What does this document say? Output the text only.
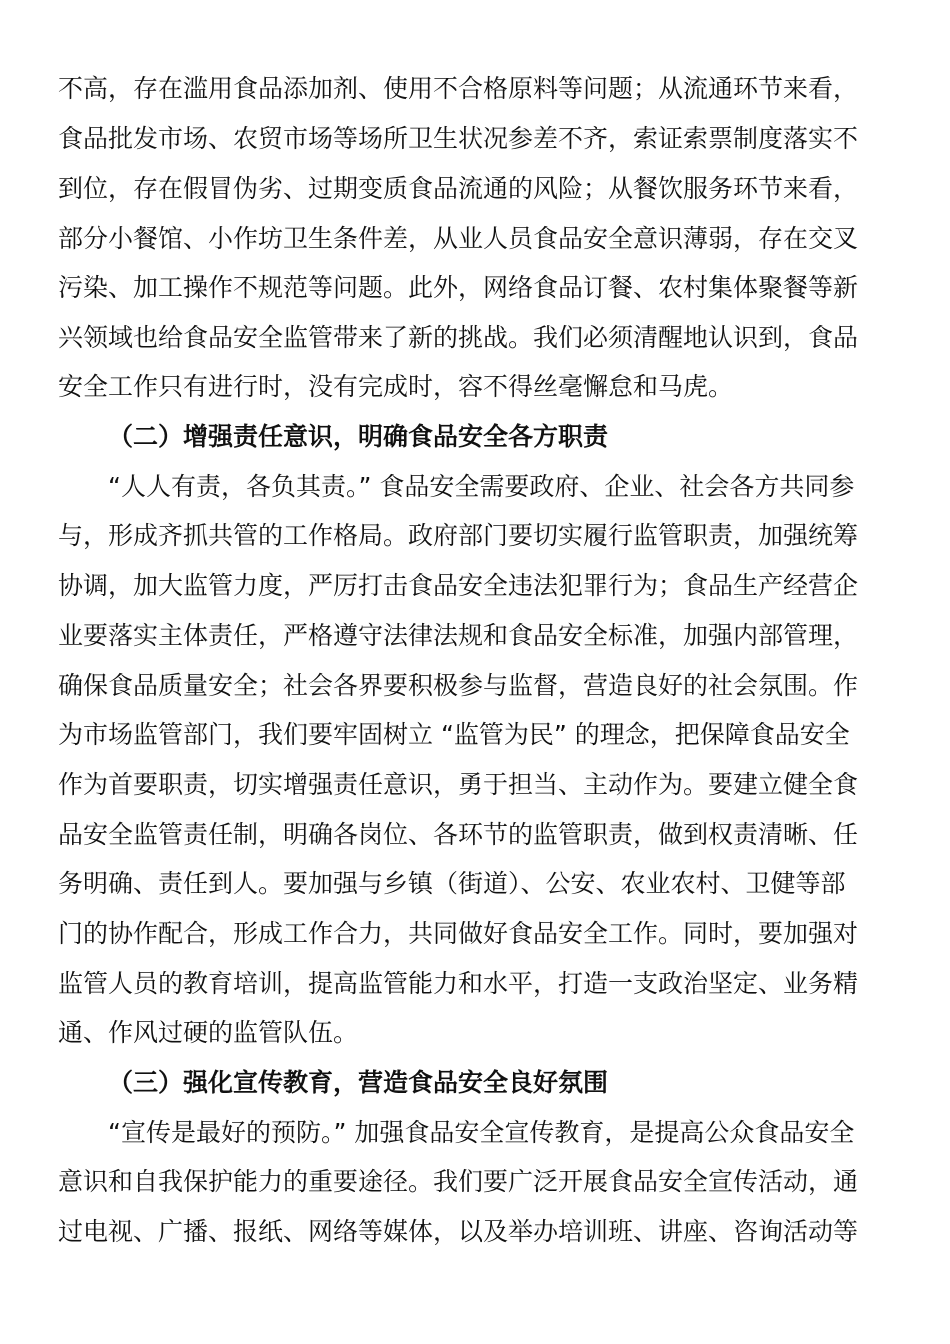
不高，存在滥用食品添加剂、使用不合格原料等问题；从流通环节来看，
食品批发市场、农贸市场等场所卫生状况参差不齐，索证索票制度落实不
到位，存在假冒伪劣、过期变质食品流通的风险；从餐饮服务环节来看，
部分小餐馆、小作坊卫生条件差，从业人员食品安全意识薄弱，存在交叉
污染、加工操作不规范等问题。此外，网络食品订餐、农村集体聚餐等新
兴领域也给食品安全监管带来了新的挑战。我们必须清醒地认识到，食品
安全工作只有进行时，没有完成时，容不得丝毫懈怠和马虎。
（二）增强责任意识，明确食品安全各方职责
“人人有责，各负其责。” 食品安全需要政府、企业、社会各方共同参
与，形成齐抓共管的工作格局。政府部门要切实履行监管职责，加强统筹
协调，加大监管力度，严厉打击食品安全违法犯罪行为；食品生产经营企
业要落实主体责任，严格遵守法律法规和食品安全标准，加强内部管理，
确保食品质量安全；社会各界要积极参与监督，营造良好的社会氛围。作
为市场监管部门，我们要牢固树立 “监管为民” 的理念，把保障食品安全
作为首要职责，切实增强责任意识，勇于担当、主动作为。要建立健全食
品安全监管责任制，明确各岗位、各环节的监管职责，做到权责清晰、任
务明确、责任到人。要加强与乡镇（街道）、公安、农业农村、卫健等部
门的协作配合，形成工作合力，共同做好食品安全工作。同时，要加强对
监管人员的教育培训，提高监管能力和水平，打造一支政治坚定、业务精
通、作风过硬的监管队伍。
（三）强化宣传教育，营造食品安全良好氛围
“宣传是最好的预防。” 加强食品安全宣传教育，是提高公众食品安全
意识和自我保护能力的重要途径。我们要广泛开展食品安全宣传活动，通
过电视、广播、报纸、网络等媒体，以及举办培训班、讲座、咨询活动等
